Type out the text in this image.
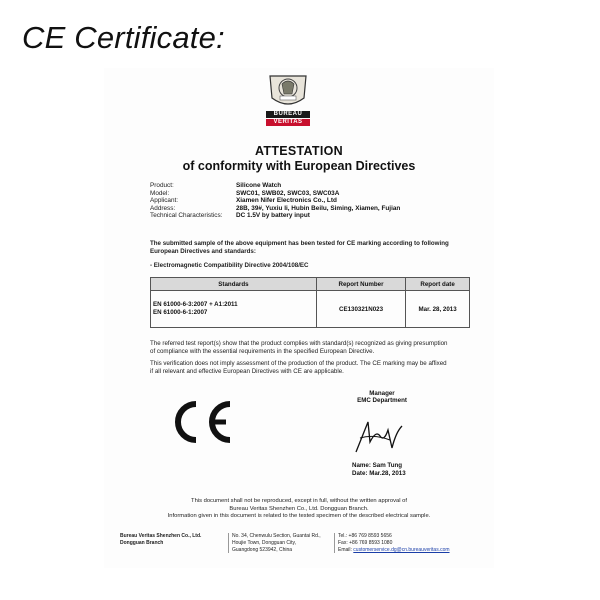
CE Certificate:
BUREAU
VERITAS
ATTESTATION
of conformity with European Directives
Product:	Silicone Watch
Model:	SWC01, SWB02, SWC03, SWC03A
Applicant:	Xiamen Nifer Electronics Co., Ltd
Address:	28B, 39#, Yuxiu li, Hubin Beilu, Siming, Xiamen, Fujian
Technical Characteristics:	DC 1.5V by battery input
The submitted sample of the above equipment has been tested for CE marking according to following European Directives and standards:
- Electromagnetic Compatibility Directive 2004/108/EC
Standards	Report Number	Report date

EN 61000-6-3:2007 + A1:2011
EN 61000-6-1:2007	CE130321N023	Mar. 28, 2013
The referred test report(s) show that the product complies with standard(s) recognized as giving presumption of compliance with the essential requirements in the specified European Directive.
This verification does not imply assessment of the production of the product. The CE marking may be affixed if all relevant and effective European Directives with CE are applicable.
Manager
EMC Department
Name: Sam Tung
Date: Mar.28, 2013
This document shall not be reproduced, except in full, without the written approval of
Bureau Veritas Shenzhen Co., Ltd. Dongguan Branch.
Information given in this document is related to the tested specimen of the described electrical sample.
Bureau Veritas Shenzhen Co., Ltd.
Dongguan Branch
No. 34, Chenwulu Section, Guantai Rd.,
Houjie Town, Dongguan City,
Guangdong 523942, China
Tel.: +86 769 8593 5656
Fax: +86 769 8593 1080
Email: customerservice.dg@cn.bureauveritas.com
